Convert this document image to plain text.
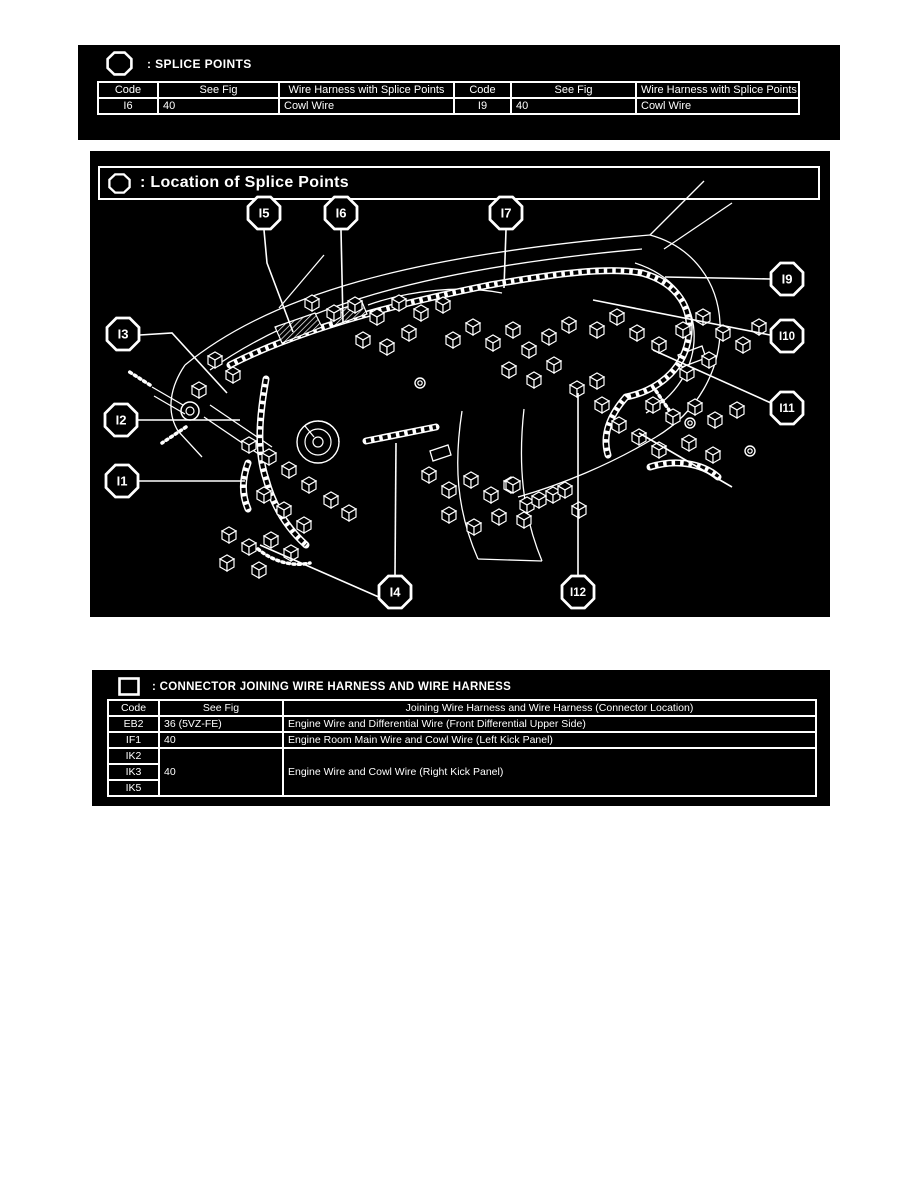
: SPLICE POINTS
Code	See Fig	Wire Harness with Splice Points	Code	See Fig	Wire Harness with Splice Points
I6	40	Cowl Wire	I9	40	Cowl Wire
: Location of Splice Points
I1
I2
I3
I4
I5	I6	I7
I9
I10
I11
I12
: CONNECTOR JOINING WIRE HARNESS AND WIRE HARNESS
Code	See Fig	Joining Wire Harness and Wire Harness (Connector Location)
EB2	36 (5VZ-FE)	Engine Wire and Differential Wire (Front Differential Upper Side)
IF1	40	Engine Room Main Wire and Cowl Wire (Left Kick Panel)
IK2	40	Engine Wire and Cowl Wire (Right Kick Panel)
IK3		
IK5		
